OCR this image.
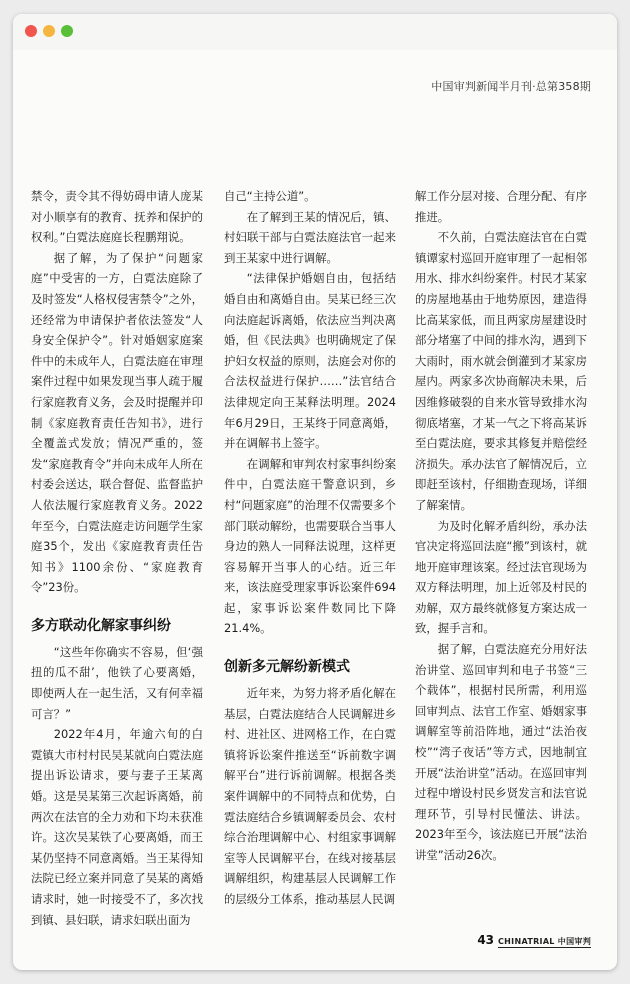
中国审判新闻半月刊·总第358期

禁令，责令其不得妨碍申请人庞某对小顺享有的教育、抚养和保护的权利。”白霓法庭庭长程鹏翔说。

据了解，为了保护“问题家庭”中受害的一方，白霓法庭除了及时签发“人格权侵害禁令”之外，还经常为申请保护者依法签发“人身安全保护令”。针对婚姻家庭案件中的未成年人，白霓法庭在审理案件过程中如果发现当事人疏于履行家庭教育义务，会及时提醒并印制《家庭教育责任告知书》，进行全覆盖式发放；情况严重的，签发“家庭教育令”并向未成年人所在村委会送达，联合督促、监督监护人依法履行家庭教育义务。2022年至今，白霓法庭走访问题学生家庭35个，发出《家庭教育责任告知书》1100余份、“家庭教育令”23份。

多方联动化解家事纠纷

“这些年你确实不容易，但‘强扭的瓜不甜’，他铁了心要离婚，即使两人在一起生活，又有何幸福可言？”

2022年4月，年逾六旬的白霓镇大市村村民吴某就向白霓法庭提出诉讼请求，要与妻子王某离婚。这是吴某第三次起诉离婚，前两次在法官的全力劝和下均未获准许。这次吴某铁了心要离婚，而王某仍坚持不同意离婚。当王某得知法院已经立案并同意了吴某的离婚请求时，她一时接受不了，多次找到镇、县妇联，请求妇联出面为

自己“主持公道”。

在了解到王某的情况后，镇、村妇联干部与白霓法庭法官一起来到王某家中进行调解。

“法律保护婚姻自由，包括结婚自由和离婚自由。吴某已经三次向法庭起诉离婚，依法应当判决离婚，但《民法典》也明确规定了保护妇女权益的原则，法庭会对你的合法权益进行保护……”法官结合法律规定向王某释法明理。2024年6月29日，王某终于同意离婚，并在调解书上签字。

在调解和审判农村家事纠纷案件中，白霓法庭干警意识到，乡村“问题家庭”的治理不仅需要多个部门联动解纷，也需要联合当事人身边的熟人一同释法说理，这样更容易解开当事人的心结。近三年来，该法庭受理家事诉讼案件694起，家事诉讼案件数同比下降21.4%。

创新多元解纷新模式

近年来，为努力将矛盾化解在基层，白霓法庭结合人民调解进乡村、进社区、进网格工作，在白霓镇将诉讼案件推送至“诉前数字调解平台”进行诉前调解。根据各类案件调解中的不同特点和优势，白霓法庭结合乡镇调解委员会、农村综合治理调解中心、村组家事调解室等人民调解平台，在线对接基层调解组织，构建基层人民调解工作的层级分工体系，推动基层人民调

解工作分层对接、合理分配、有序推进。

不久前，白霓法庭法官在白霓镇谭家村巡回开庭审理了一起相邻用水、排水纠纷案件。村民才某家的房屋地基由于地势原因，建造得比高某家低，而且两家房屋建设时部分堵塞了中间的排水沟，遇到下大雨时，雨水就会倒灌到才某家房屋内。两家多次协商解决未果，后因维修破裂的自来水管导致排水沟彻底堵塞，才某一气之下将高某诉至白霓法庭，要求其修复并赔偿经济损失。承办法官了解情况后，立即赶至该村，仔细勘查现场，详细了解案情。

为及时化解矛盾纠纷，承办法官决定将巡回法庭“搬”到该村，就地开庭审理该案。经过法官现场为双方释法明理，加上近邻及村民的劝解，双方最终就修复方案达成一致，握手言和。

据了解，白霓法庭充分用好法治讲堂、巡回审判和电子书签“三个载体”，根据村民所需，利用巡回审判点、法官工作室、婚姻家事调解室等前沿阵地，通过“法治夜校”“湾子夜话”等方式，因地制宜开展“法治讲堂”活动。在巡回审判过程中增设村民乡贤发言和法官说理环节，引导村民懂法、讲法。2023年至今，该法庭已开展“法治讲堂”活动26次。

43 CHINATRIAL 中国审判
